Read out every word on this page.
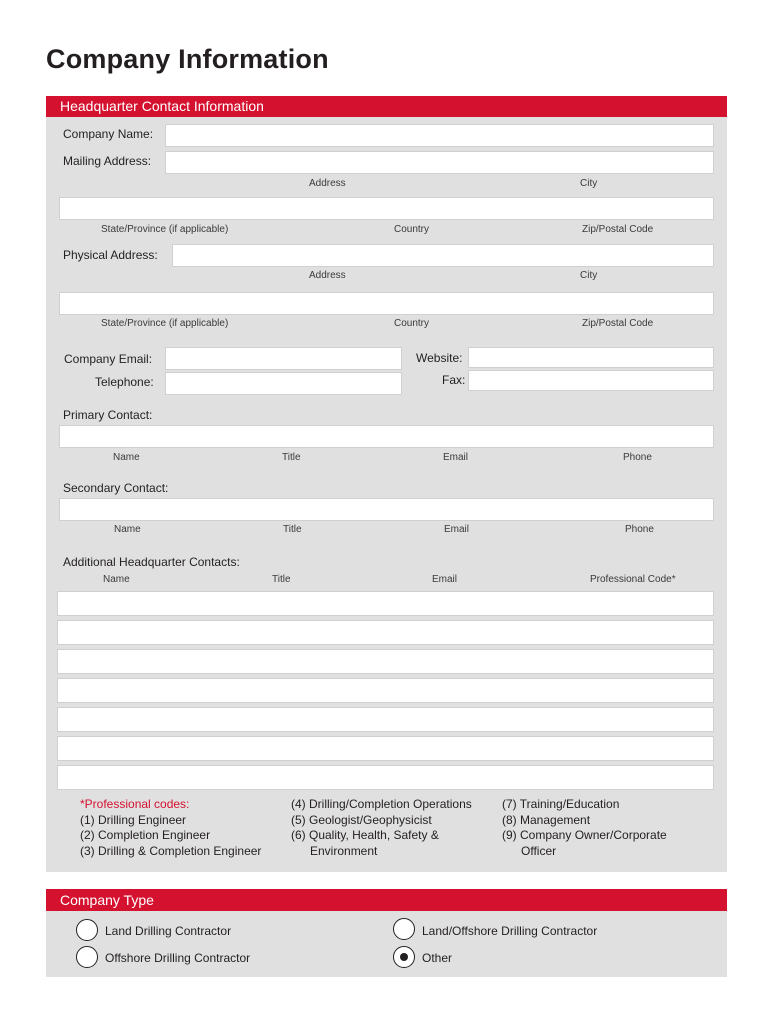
Company Information
Headquarter Contact Information
Company Name:
Mailing Address:
Address	City
State/Province (if applicable)	Country	Zip/Postal Code
Physical Address:
Address	City
State/Province (if applicable)	Country	Zip/Postal Code
Company Email:
Telephone:
Website:
Fax:
Primary Contact:
Name	Title	Email	Phone
Secondary Contact:
Name	Title	Email	Phone
Additional Headquarter Contacts:
Name	Title	Email	Professional Code*
*Professional codes:
(1) Drilling Engineer
(2) Completion Engineer
(3) Drilling & Completion Engineer
(4) Drilling/Completion Operations
(5) Geologist/Geophysicist
(6) Quality, Health, Safety &
Environment
(7) Training/Education
(8) Management
(9) Company Owner/Corporate
Officer
Company Type
Land Drilling Contractor	Land/Offshore Drilling Contractor
Offshore Drilling Contractor	Other
